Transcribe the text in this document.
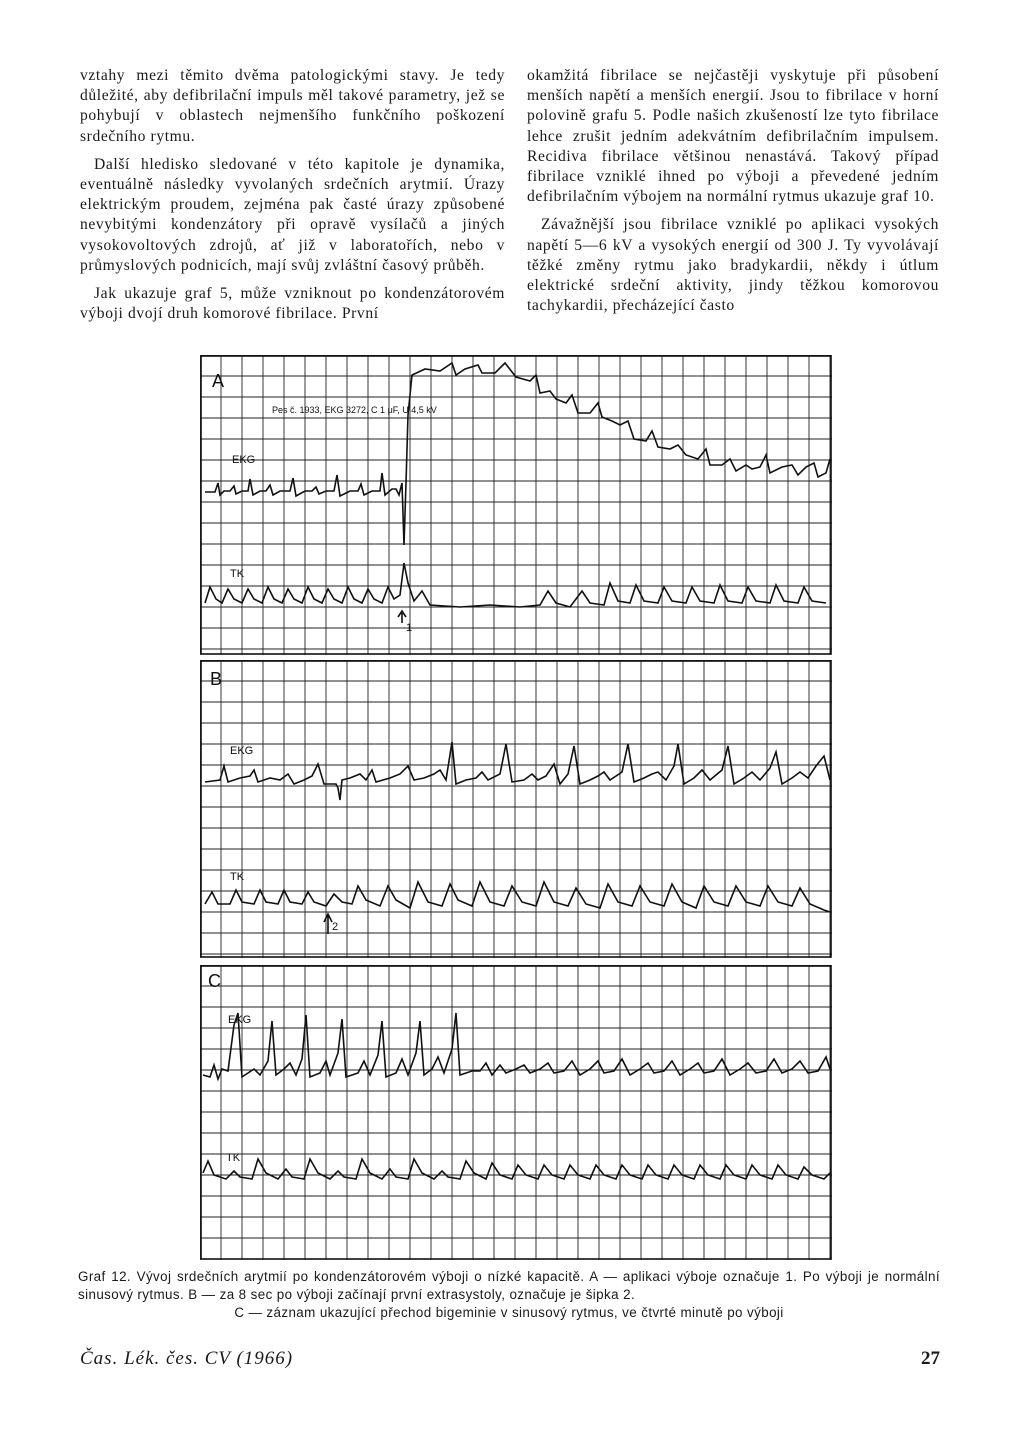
vztahy mezi těmito dvěma patologickými stavy. Je tedy důležité, aby defibrilační impuls měl takové parametry, jež se pohybují v oblastech nejmenšího funkčního poškození srdečního rytmu.

Další hledisko sledované v této kapitole je dynamika, eventuálně následky vyvolaných srdečních arytmií. Úrazy elektrickým proudem, zejména pak časté úrazy způsobené nevybitými kondenzátory při opravě vysílačů a jiných vysokovoltových zdrojů, ať již v laboratořích, nebo v průmyslových podnicích, mají svůj zvláštní časový průběh.

Jak ukazuje graf 5, může vzniknout po kondenzátorovém výboji dvojí druh komorové fibrilace. První

okamžitá fibrilace se nejčastěji vyskytuje při působení menších napětí a menších energií. Jsou to fibrilace v horní polovině grafu 5. Podle našich zkušeností lze tyto fibrilace lehce zrušit jedním adekvátním defibrilačním impulsem. Recidiva fibrilace většinou nenastává. Takový případ fibrilace vzniklé ihned po výboji a převedené jedním defibrilačním výbojem na normální rytmus ukazuje graf 10.

Závažnější jsou fibrilace vzniklé po aplikaci vysokých napětí 5—6 kV a vysokých energií od 300 J. Ty vyvolávají těžké změny rytmu jako bradykardii, někdy i útlum elektrické srdeční aktivity, jindy těžkou komorovou tachykardii, přecházející často

A
EKG
TK
Pes č. 1933, EKG 3272, C 1 μF, U 4,5 kV
1
B
EKG
TK
2
C
EKG
TK

Graf 12. Vývoj srdečních arytmií po kondenzátorovém výboji o nízké kapacitě. A — aplikaci výboje označuje 1. Po výboji je normální sinusový rytmus. B — za 8 sec po výboji začínají první extrasystoly, označuje je šipka 2.

C — záznam ukazující přechod bigeminie v sinusový rytmus, ve čtvrté minutě po výboji

Čas. Lék. čes. CV (1966)	27
